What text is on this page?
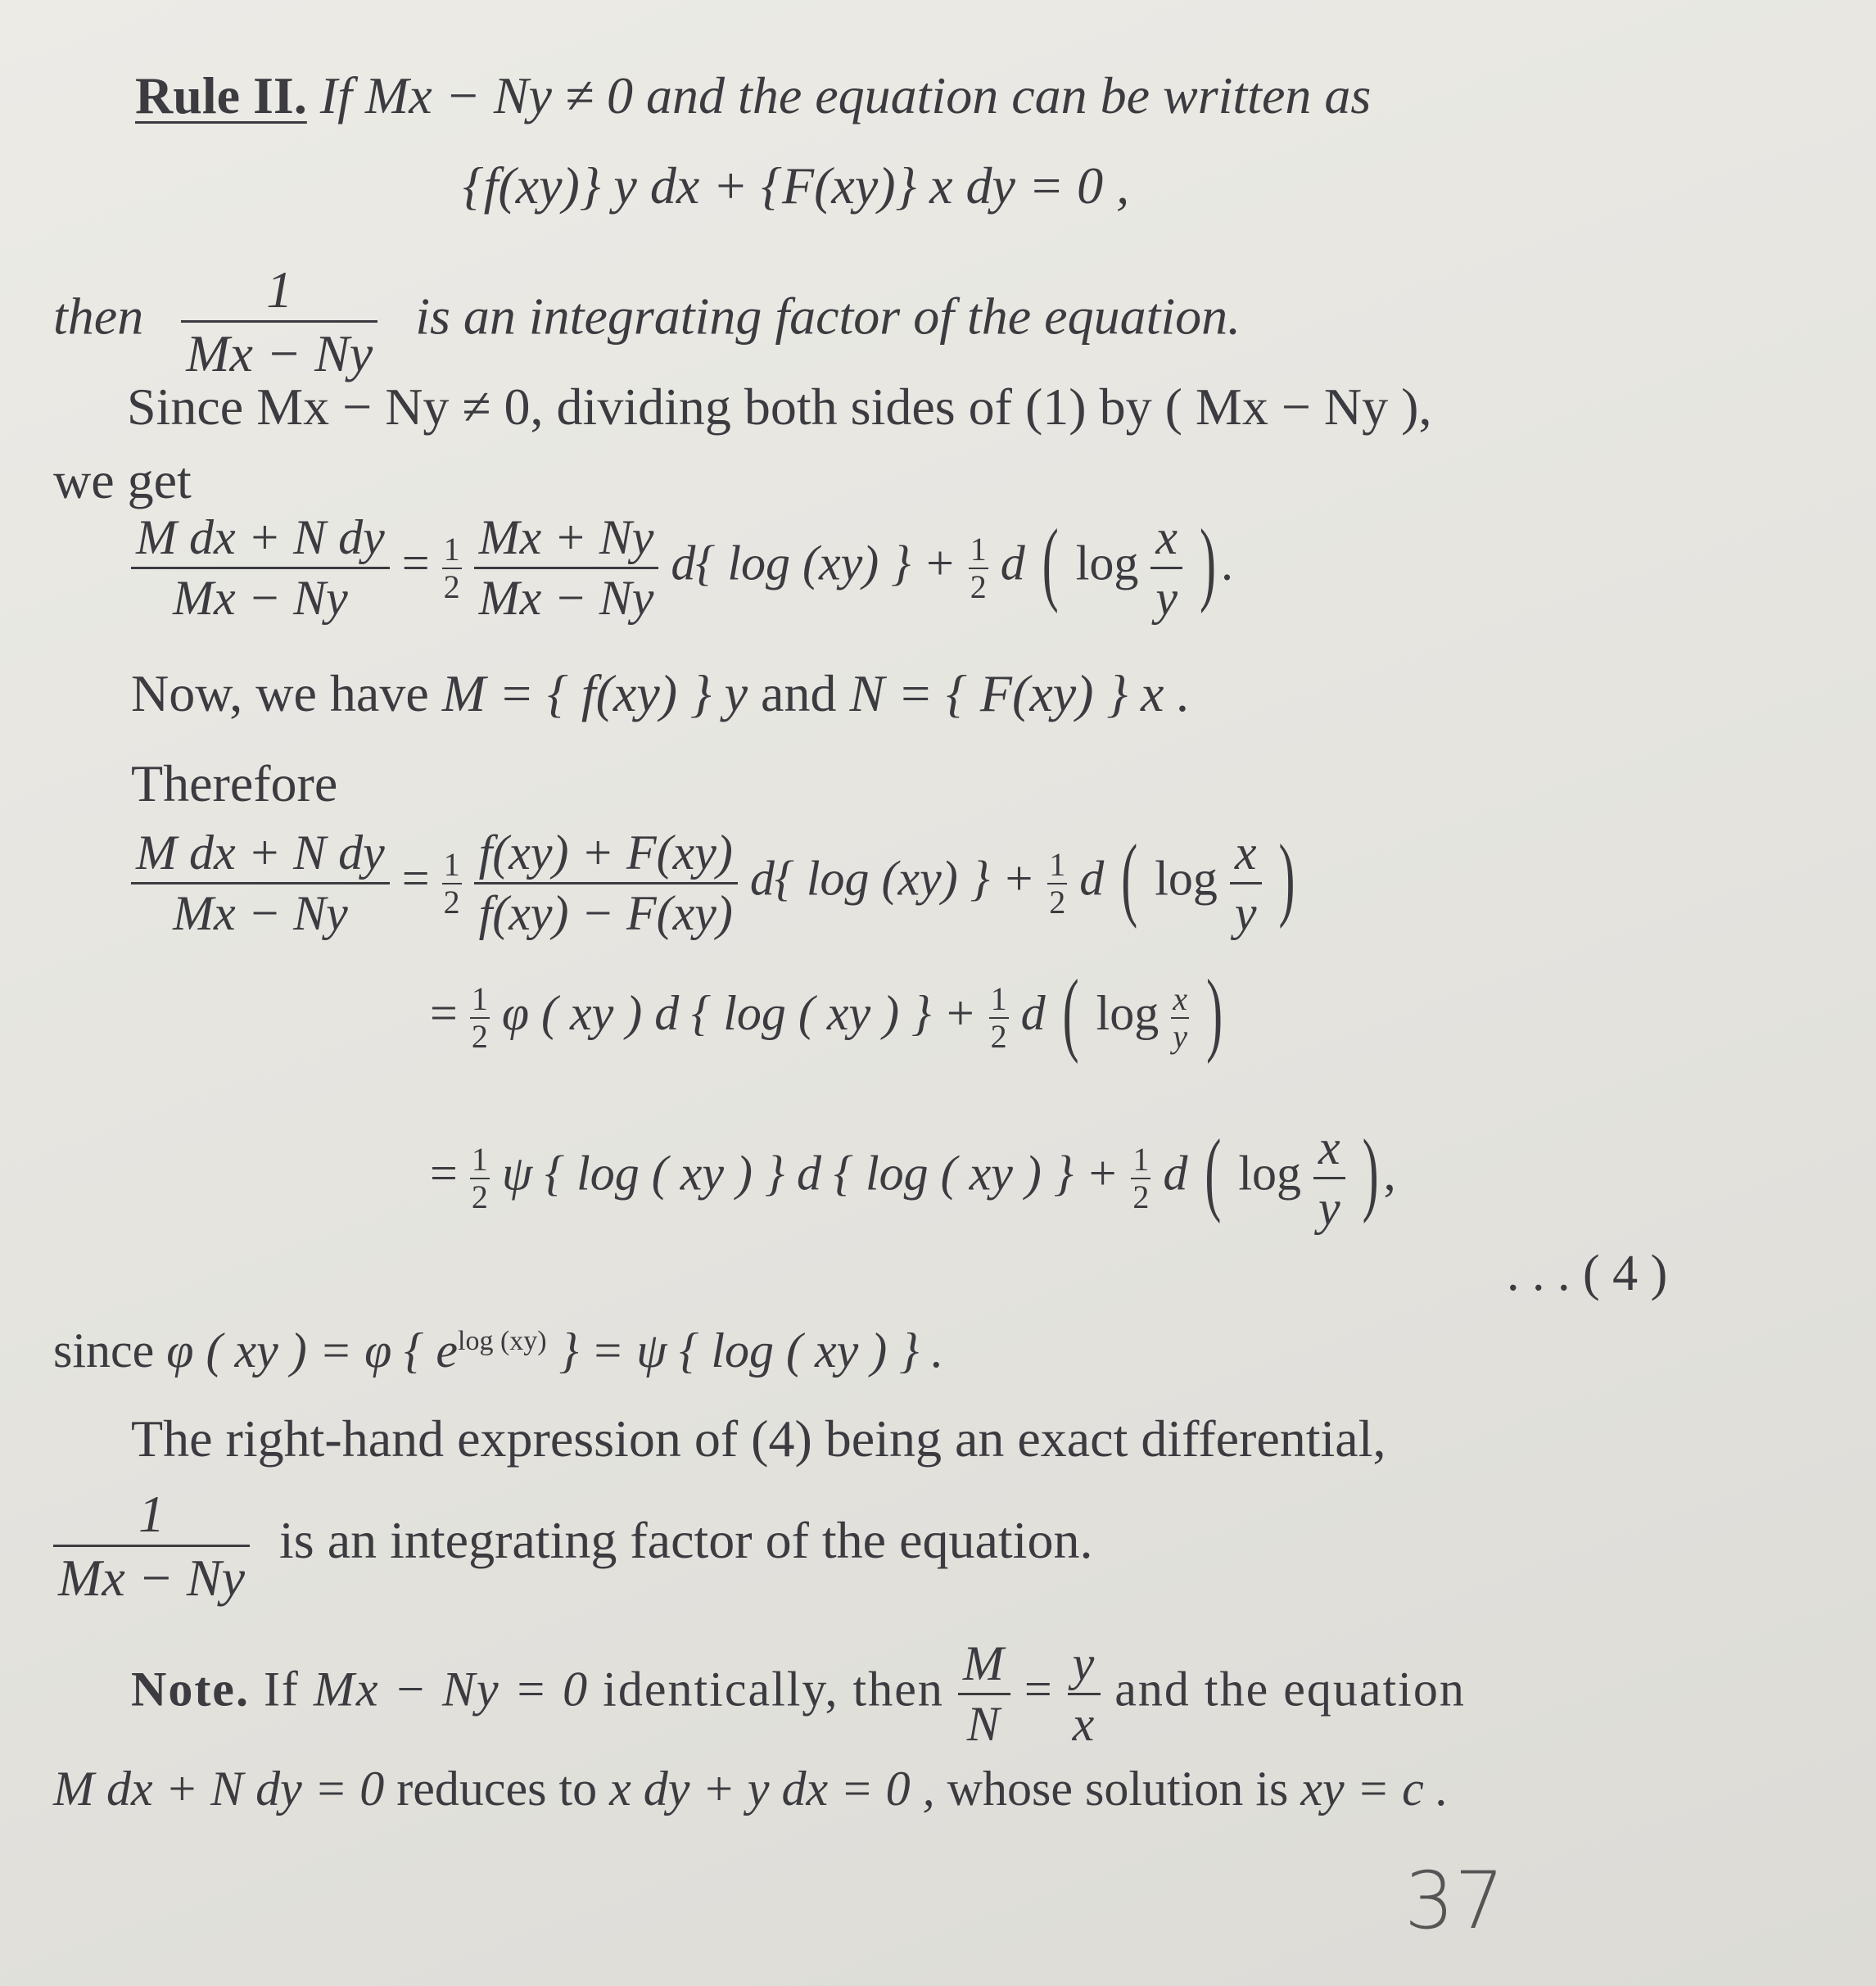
Rule II. If Mx − Ny ≠ 0 and the equation can be written as
{f(xy)} y dx + {F(xy)} x dy = 0 ,
then $\frac{1}{Mx - Ny}$ is an integrating factor of the equation.
Since Mx − Ny ≠ 0, dividing both sides of (1) by ( Mx − Ny ),
we get
$\frac{\text{M dx + N dy}}{Mx - Ny} = \frac{1}{2}$
$\frac{Mx + Ny}{Mx - Ny} d${ log (xy) } + $\frac{1}{2}$ d ( $\log \frac{x}{y}$ ) .
Now, we have M = { f(xy) } y and N = { F(xy) } x .
Therefore
$\frac{\text{M dx + N dy}}{Mx - Ny} = \frac{1}{2}$
$\frac{f(xy) + F(xy)}{f(xy) - F(xy)} d${ log (xy) } + $\frac{1}{2}$ d ( $\log \frac{x}{y}$ )
= $\frac{1}{2}$ φ ( xy ) d { log ( xy ) } + $\frac{1}{2}$ d ( $\log \frac{x}{y}$ )
= $\frac{1}{2}$ ψ { log ( xy ) } d { log ( xy ) } + $\frac{1}{2}$ d ( $\log \frac{x}{y}$ ) ,
. . . ( 4 )
since φ ( xy ) = φ { $e^{log (xy)}$ } = ψ { log ( xy ) } .
The right-hand expression of (4) being an exact differential,
$\frac{1}{Mx - Ny}$ is an integrating factor of the equation.
Note. If Mx − Ny = 0 identically, then $\frac{M}{N} = \frac{y}{x}$ and the equation
M dx + N dy = 0 reduces to x dy + y dx = 0 , whose solution is xy = c .
37
